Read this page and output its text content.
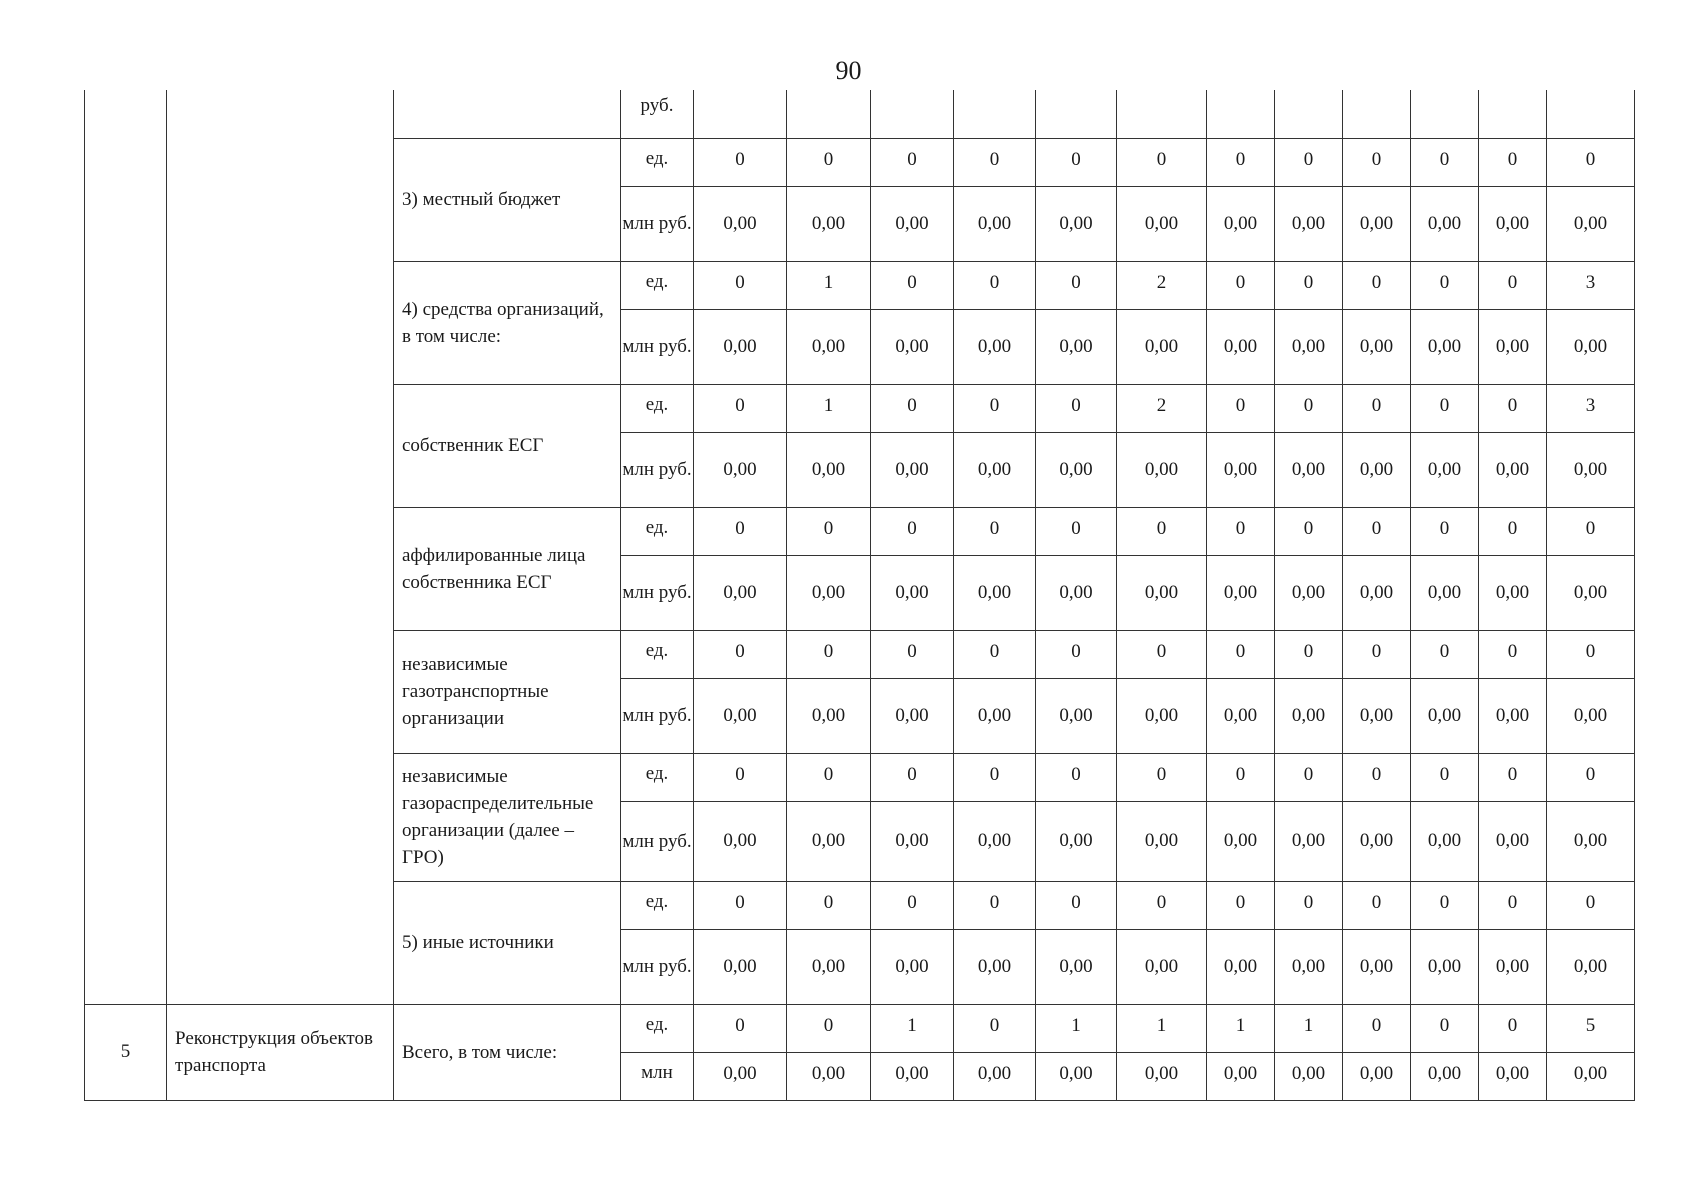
90
			руб.												
		3) местный бюджет	ед.	0	0	0	0	0	0	0	0	0	0	0	0
			млн руб.	0,00	0,00	0,00	0,00	0,00	0,00	0,00	0,00	0,00	0,00	0,00	0,00
		4) средства организаций, в том числе:	ед.	0	1	0	0	0	2	0	0	0	0	0	3
			млн руб.	0,00	0,00	0,00	0,00	0,00	0,00	0,00	0,00	0,00	0,00	0,00	0,00
		собственник ЕСГ	ед.	0	1	0	0	0	2	0	0	0	0	0	3
			млн руб.	0,00	0,00	0,00	0,00	0,00	0,00	0,00	0,00	0,00	0,00	0,00	0,00
		аффилированные лица собственника ЕСГ	ед.	0	0	0	0	0	0	0	0	0	0	0	0
			млн руб.	0,00	0,00	0,00	0,00	0,00	0,00	0,00	0,00	0,00	0,00	0,00	0,00
		независимые газотранспортные организации	ед.	0	0	0	0	0	0	0	0	0	0	0	0
			млн руб.	0,00	0,00	0,00	0,00	0,00	0,00	0,00	0,00	0,00	0,00	0,00	0,00
		независимые газораспределительные организации (далее – ГРО)	ед.	0	0	0	0	0	0	0	0	0	0	0	0
			млн руб.	0,00	0,00	0,00	0,00	0,00	0,00	0,00	0,00	0,00	0,00	0,00	0,00
		5) иные источники	ед.	0	0	0	0	0	0	0	0	0	0	0	0
			млн руб.	0,00	0,00	0,00	0,00	0,00	0,00	0,00	0,00	0,00	0,00	0,00	0,00
5	Реконструкция объектов транспорта	Всего, в том числе:	ед.	0	0	1	0	1	1	1	1	0	0	0	5
			млн	0,00	0,00	0,00	0,00	0,00	0,00	0,00	0,00	0,00	0,00	0,00	0,00
